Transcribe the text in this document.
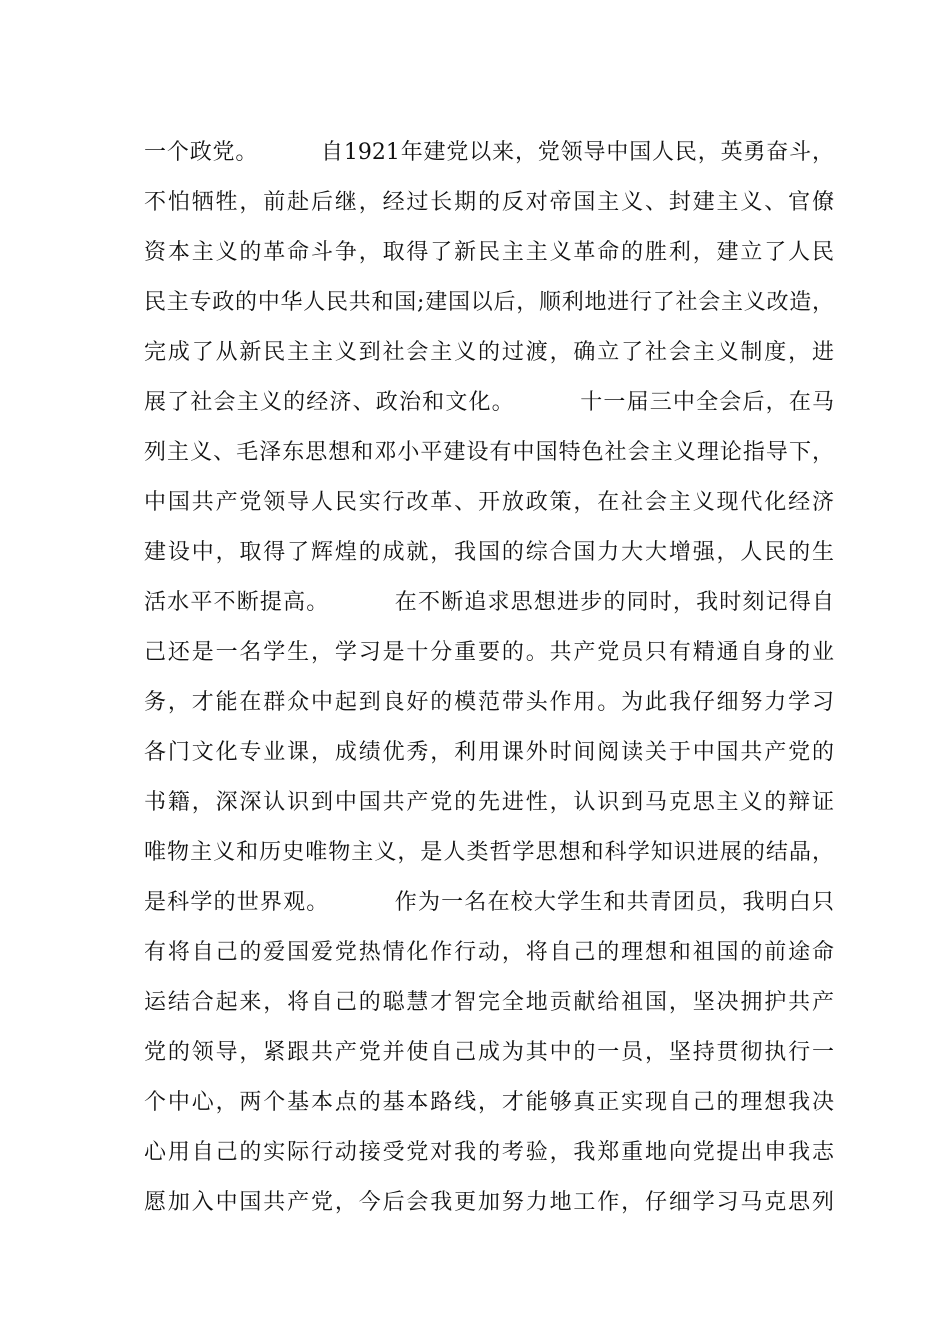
一个政党。        自1921年建党以来，党领导中国人民，英勇奋斗，
不怕牺牲，前赴后继，经过长期的反对帝国主义、封建主义、官僚
资本主义的革命斗争，取得了新民主主义革命的胜利，建立了人民
民主专政的中华人民共和国;建国以后，顺利地进行了社会主义改造，
完成了从新民主主义到社会主义的过渡，确立了社会主义制度，进
展了社会主义的经济、政治和文化。        十一届三中全会后，在马
列主义、毛泽东思想和邓小平建设有中国特色社会主义理论指导下，
中国共产党领导人民实行改革、开放政策，在社会主义现代化经济
建设中，取得了辉煌的成就，我国的综合国力大大增强，人民的生
活水平不断提高。        在不断追求思想进步的同时，我时刻记得自
己还是一名学生，学习是十分重要的。共产党员只有精通自身的业
务，才能在群众中起到良好的模范带头作用。为此我仔细努力学习
各门文化专业课，成绩优秀，利用课外时间阅读关于中国共产党的
书籍，深深认识到中国共产党的先进性，认识到马克思主义的辩证
唯物主义和历史唯物主义，是人类哲学思想和科学知识进展的结晶，
是科学的世界观。        作为一名在校大学生和共青团员，我明白只
有将自己的爱国爱党热情化作行动，将自己的理想和祖国的前途命
运结合起来，将自己的聪慧才智完全地贡献给祖国，坚决拥护共产
党的领导，紧跟共产党并使自己成为其中的一员，坚持贯彻执行一
个中心，两个基本点的基本路线，才能够真正实现自己的理想我决
心用自己的实际行动接受党对我的考验，我郑重地向党提出申我志
愿加入中国共产党，今后会我更加努力地工作，仔细学习马克思列
